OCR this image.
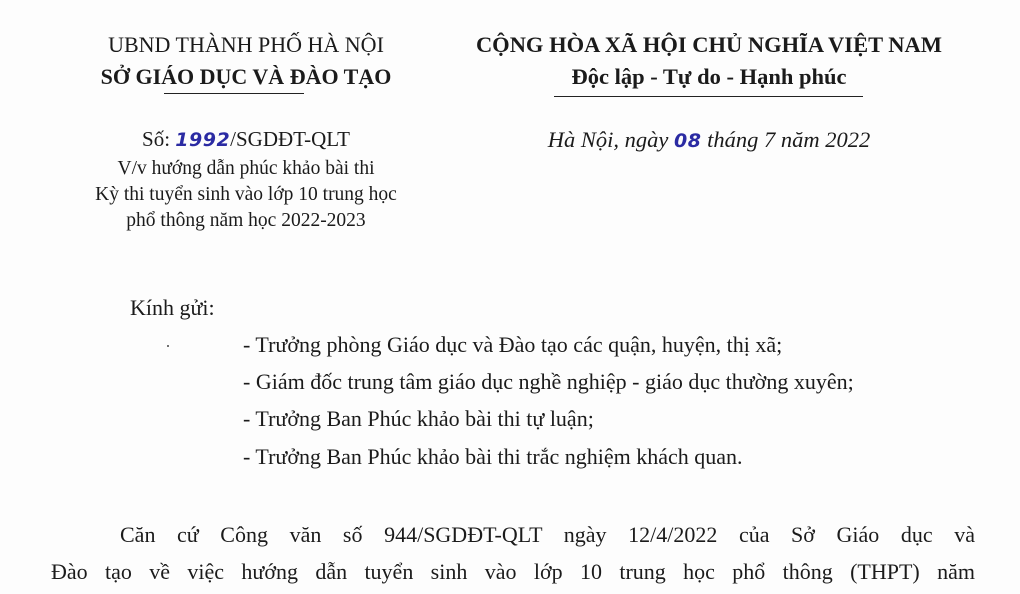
UBND THÀNH PHỐ HÀ NỘI
SỞ GIÁO DỤC VÀ ĐÀO TẠO
CỘNG HÒA XÃ HỘI CHỦ NGHĨA VIỆT NAM
Độc lập - Tự do - Hạnh phúc
Số: 1992/SGDĐT-QLT
V/v hướng dẫn phúc khảo bài thi
Kỳ thi tuyển sinh vào lớp 10 trung học
phổ thông năm học 2022-2023
Hà Nội, ngày 08 tháng 7 năm 2022
Kính gửi:
- Trưởng phòng Giáo dục và Đào tạo các quận, huyện, thị xã;
- Giám đốc trung tâm giáo dục nghề nghiệp - giáo dục thường xuyên;
- Trưởng Ban Phúc khảo bài thi tự luận;
- Trưởng Ban Phúc khảo bài thi trắc nghiệm khách quan.
Căn cứ Công văn số 944/SGDĐT-QLT ngày 12/4/2022 của Sở Giáo dục và
Đào tạo về việc hướng dẫn tuyển sinh vào lớp 10 trung học phổ thông (THPT) năm
